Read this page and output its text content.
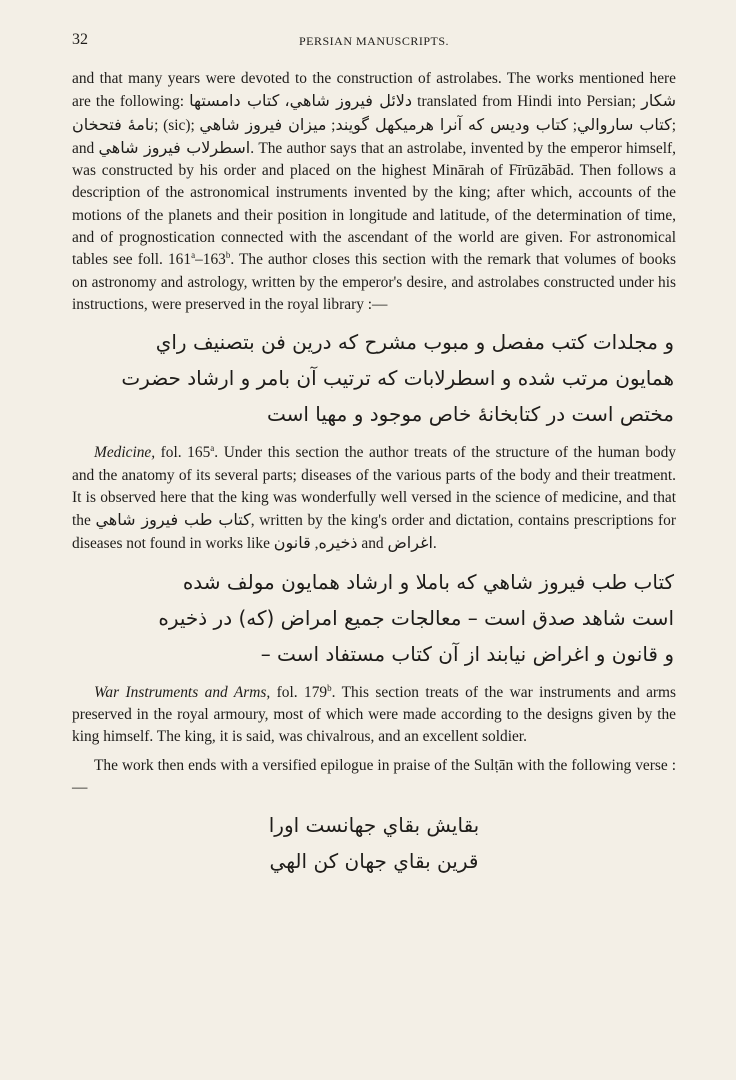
32	PERSIAN MANUSCRIPTS.

and that many years were devoted to the construction of astrolabes. The works mentioned here are the following:	دلائل فيروز شاهي، كتاب دامستها	translated from Hindi into Persian; شكار نامهٔ فتحخان; (sic);	كتاب ساروالي; كتاب وديس كه آنرا هرميكهل گويند; ميزان فيروز شاهي	; and اسطرلاب فيروز شاهي. The author says that an astrolabe, invented by the emperor himself, was constructed by his order and placed on the highest Minārah of Fīrūzābād. Then follows a description of the astronomical instruments invented by the king; after which, accounts of the motions of the planets and their position in longitude and latitude, of the determination of time, and of prognostication connected with the ascendant of the world are given. For astronomical tables see foll. 161$^a$–163$^b$. The author closes this section with the remark that volumes of books on astronomy and astrology, written by the emperor's desire, and astrolabes constructed under his instructions, were preserved in the royal library :—

و مجلدات كتب مفصل و مبوب مشرح كه درين فن بتصنيف راي
همايون مرتب شده و اسطرلابات كه ترتيب آن بامر و ارشاد حضرت
مختص است در كتابخانهٔ خاص موجود و مهيا است

Medicine, fol. 165$^a$. Under this section the author treats of the structure of the human body and the anatomy of its several parts; diseases of the various parts of the body and their treatment. It is observed here that the king was wonderfully well versed in the science of medicine, and that the كتاب طب فيروز شاهي, written by the king's order and dictation, contains prescriptions for diseases not found in works like	ذخيره, قانون	and اغراض.

كتاب طب فيروز شاهي كه باملا و ارشاد همايون مولف شده
است شاهد صدق است – معالجات جميع امراض (كه) در ذخيره
و قانون و اغراض نيابند از آن كتاب مستفاد است –

War Instruments and Arms, fol. 179$^b$. This section treats of the war instruments and arms preserved in the royal armoury, most of which were made according to the designs given by the king himself. The king, it is said, was chivalrous, and an excellent soldier.

The work then ends with a versified epilogue in praise of the Sulṭān with the following verse :—

بقايش بقاي جهانست اورا
قرين بقاي جهان كن الهي
